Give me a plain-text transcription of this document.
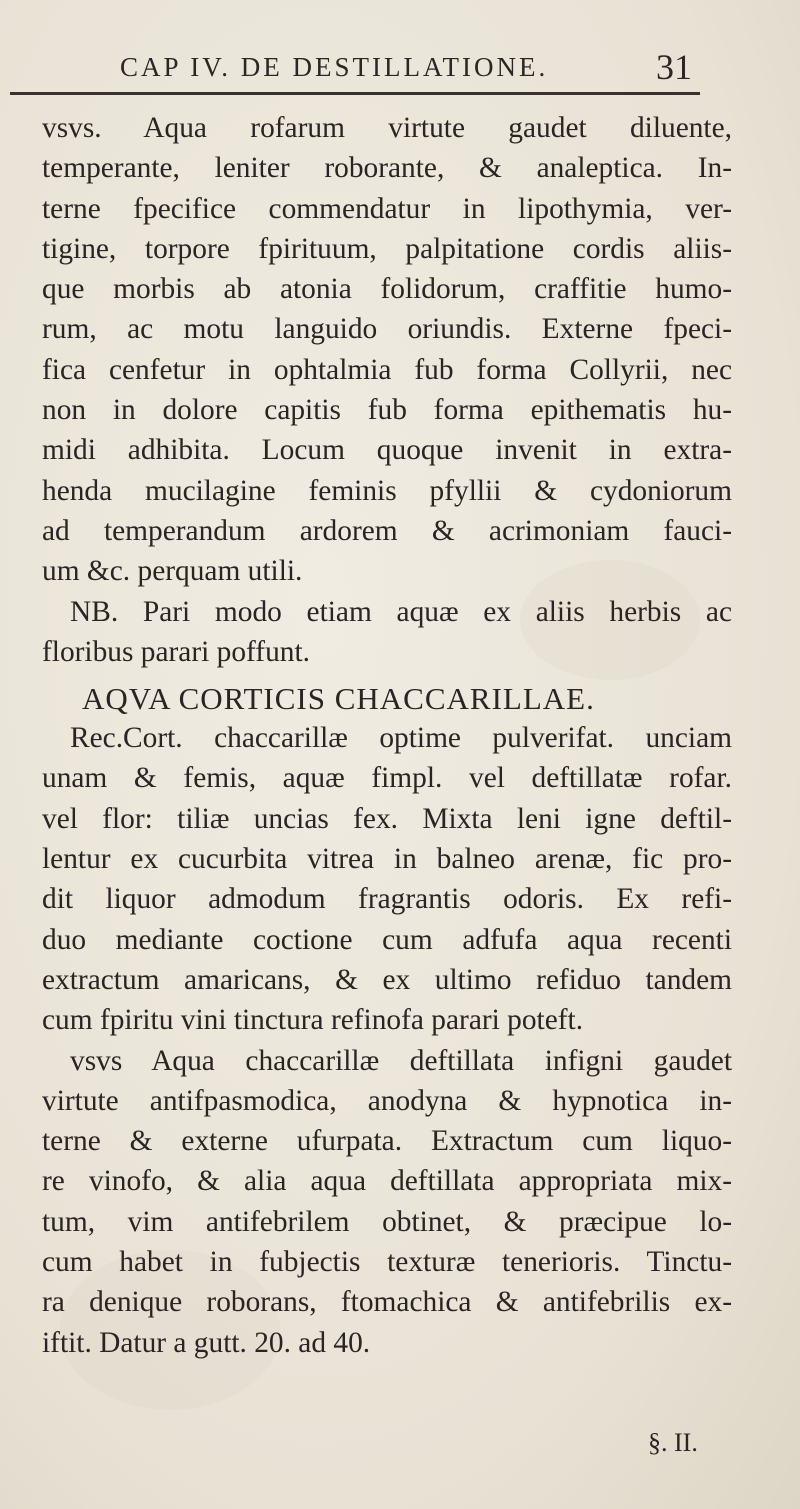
CAP IV. DE DESTILLATIONE.	31
vsvs. Aqua rofarum virtute gaudet diluente,
temperante, leniter roborante, & analeptica. In-
terne fpecifice commendatur in lipothymia, ver-
tigine, torpore fpirituum, palpitatione cordis aliis-
que morbis ab atonia folidorum, craffitie humo-
rum, ac motu languido oriundis. Externe fpeci-
fica cenfetur in ophtalmia fub forma Collyrii, nec
non in dolore capitis fub forma epithematis hu-
midi adhibita. Locum quoque invenit in extra-
henda mucilagine feminis pfyllii & cydoniorum
ad temperandum ardorem & acrimoniam fauci-
um &c. perquam utili.
NB. Pari modo etiam aquæ ex aliis herbis ac
floribus parari poffunt.
AQVA CORTICIS CHACCARILLAE.
Rec.Cort. chaccarillæ optime pulverifat. unciam
unam & femis, aquæ fimpl. vel deftillatæ rofar.
vel flor: tiliæ uncias fex. Mixta leni igne deftil-
lentur ex cucurbita vitrea in balneo arenæ, fic pro-
dit liquor admodum fragrantis odoris. Ex refi-
duo mediante coctione cum adfufa aqua recenti
extractum amaricans, & ex ultimo refiduo tandem
cum fpiritu vini tinctura refinofa parari poteft.
vsvs Aqua chaccarillæ deftillata infigni gaudet
virtute antifpasmodica, anodyna & hypnotica in-
terne & externe ufurpata. Extractum cum liquo-
re vinofo, & alia aqua deftillata appropriata mix-
tum, vim antifebrilem obtinet, & præcipue lo-
cum habet in fubjectis texturæ tenerioris. Tinctu-
ra denique roborans, ftomachica & antifebrilis ex-
iftit. Datur a gutt. 20. ad 40.
§. II.
